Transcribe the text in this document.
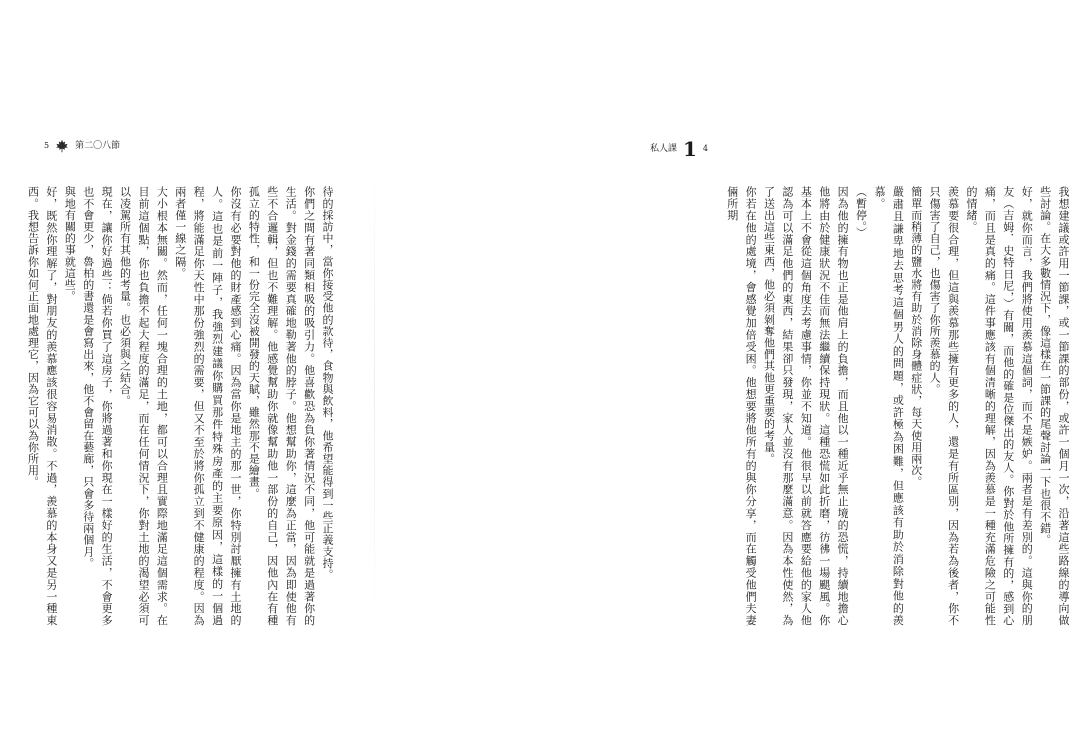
5	第二〇八節

待的採訪中，當你接受他的款待，食物與飲料，他希望能得到一些正義支持。

你們之間有著同類相吸的吸引力。他喜歡恐為負你著情況不同，他可能就是過著你的生活。對金錢的需要真確地勒著他的脖子。他想幫助你，這麼為正當，因為即使他有些不合邏輯，但也不難理解。他感覺幫助你就像幫助他一部份的自己，因他內在有種孤立的特性，和一份完全沒被開發的天賦，雖然那不是繪畫。

你沒有必要對他的財產感到心痛。因為當你是地主的那一世，你特別討厭擁有土地的人。這也是前一陣子，我強烈建議你購買那件特殊房產的主要原因，這樣的一個過程，將能滿足你天性中那份強烈的需要，但又不至於將你孤立到不健康的程度。因為兩者僅一線之隔。

大小根本無關。然而，任何一塊合理的土地，都可以合理且實際地滿足這個需求。在目前這個點，你也負擔不起大程度的滿足，而在任何情況下，你對土地的渴望必須可以凌駕所有其他的考量。也必須與之結合。

現在，讓你好過些：倘若你買了這房子，你將過著和你現在一樣好的生活，不會更多也不會更少，魯柏的書還是會寫出來，他不會留在藝廊，只會多待兩個月。

與地有關的事就這些。

好，既然你理解了，對朋友的羨慕應該很容易消散。不過，羨慕的本身又是另一種東西。我想告訴你如何正面地處理它，因為它可以為你所用。

私人課 1 4

我想建議或許用一節課，或一節課的部份，或許一個月一次，沿著這些路線的導向做些討論。在大多數情況下，像這樣在一節課的尾聲討論一下也很不錯。

好，就你而言，我們將使用羨慕這個詞，而不是嫉妒。兩者是有差別的。這與你的朋友（吉姆．史特日尼，）有關，而他的確是位傑出的友人。你對於他所擁有的，感到心痛，而且是真的痛。這件事應該有個清晰的理解，因為羨慕是一種充滿危險之可能性的情緒。

羨慕要很合理，但這與羨慕那些擁有更多的人，還是有所區別，因為若為後者，你不只傷害了自己，也傷害了你所羨慕的人。

簡單而稍薄的鹽水將有助於消除身體症狀，每天使用兩次。

嚴肅且謙卑地去思考這個男人的問題，或許極為困難，但應該有助於消除對他的羨慕。

（暫停。）

因為他的擁有物也正是他肩上的負擔，而且他以一種近乎無止境的恐慌，持續地擔心他將由於健康狀況不佳而無法繼續保持現狀。這種恐慌如此折磨，彷彿一場颶風。你基本上不會從這個角度去考慮事情，你並不知道。他很早以前就答應要給他的家人他認為可以滿足他們的東西，結果卻只發現，家人並沒有那麼滿意。因為本性使然，為了送出這些東西，他必須剝奪他們其他更重要的考量。

你若在他的處境，會感覺加倍受困。他想要將他所有的與你分享，而在觸受他們夫妻倆所期
